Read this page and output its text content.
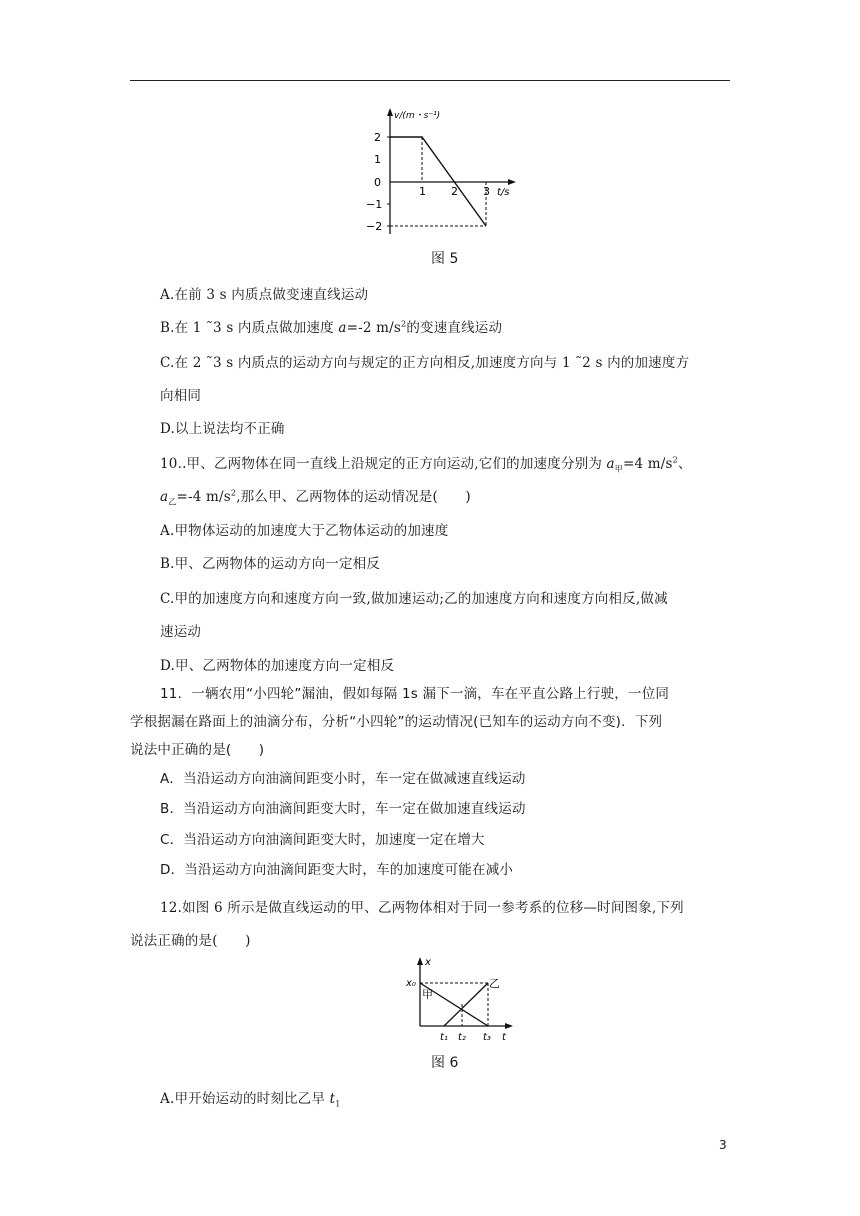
v/(m・s⁻¹)
2
1
0
−1
−2
1 2 3 t/s
图 5
A.在前 3 s 内质点做变速直线运动
B.在 1 ˜3 s 内质点做加速度 a=-2 $m/s^2$的变速直线运动
C.在 2 ˜3 s 内质点的运动方向与规定的正方向相反,加速度方向与 1 ˜2 s 内的加速度方
向相同
D.以上说法均不正确
10..甲、乙两物体在同一直线上沿规定的正方向运动,它们的加速度分别为 $a_甲=4$ $m/s^2$、
$a_乙=-4$ $m/s^2$,那么甲、乙两物体的运动情况是(　　)
A.甲物体运动的加速度大于乙物体运动的加速度
B.甲、乙两物体的运动方向一定相反
C.甲的加速度方向和速度方向一致,做加速运动;乙的加速度方向和速度方向相反,做减
速运动
D.甲、乙两物体的加速度方向一定相反
11．一辆农用“小四轮”漏油，假如每隔 1s 漏下一滴，车在平直公路上行驶，一位同
学根据漏在路面上的油滴分布，分析“小四轮”的运动情况(已知车的运动方向不变)．下列
说法中正确的是(　　)
A．当沿运动方向油滴间距变小时，车一定在做减速直线运动
B．当沿运动方向油滴间距变大时，车一定在做加速直线运动
C．当沿运动方向油滴间距变大时，加速度一定在增大
D．当沿运动方向油滴间距变大时，车的加速度可能在减小
12.如图 6 所示是做直线运动的甲、乙两物体相对于同一参考系的位移—时间图象,下列
说法正确的是(　　)
x
x₀
甲
乙
t₁ t₂ t₃ t
图 6
A.甲开始运动的时刻比乙早 $t_1$
3
